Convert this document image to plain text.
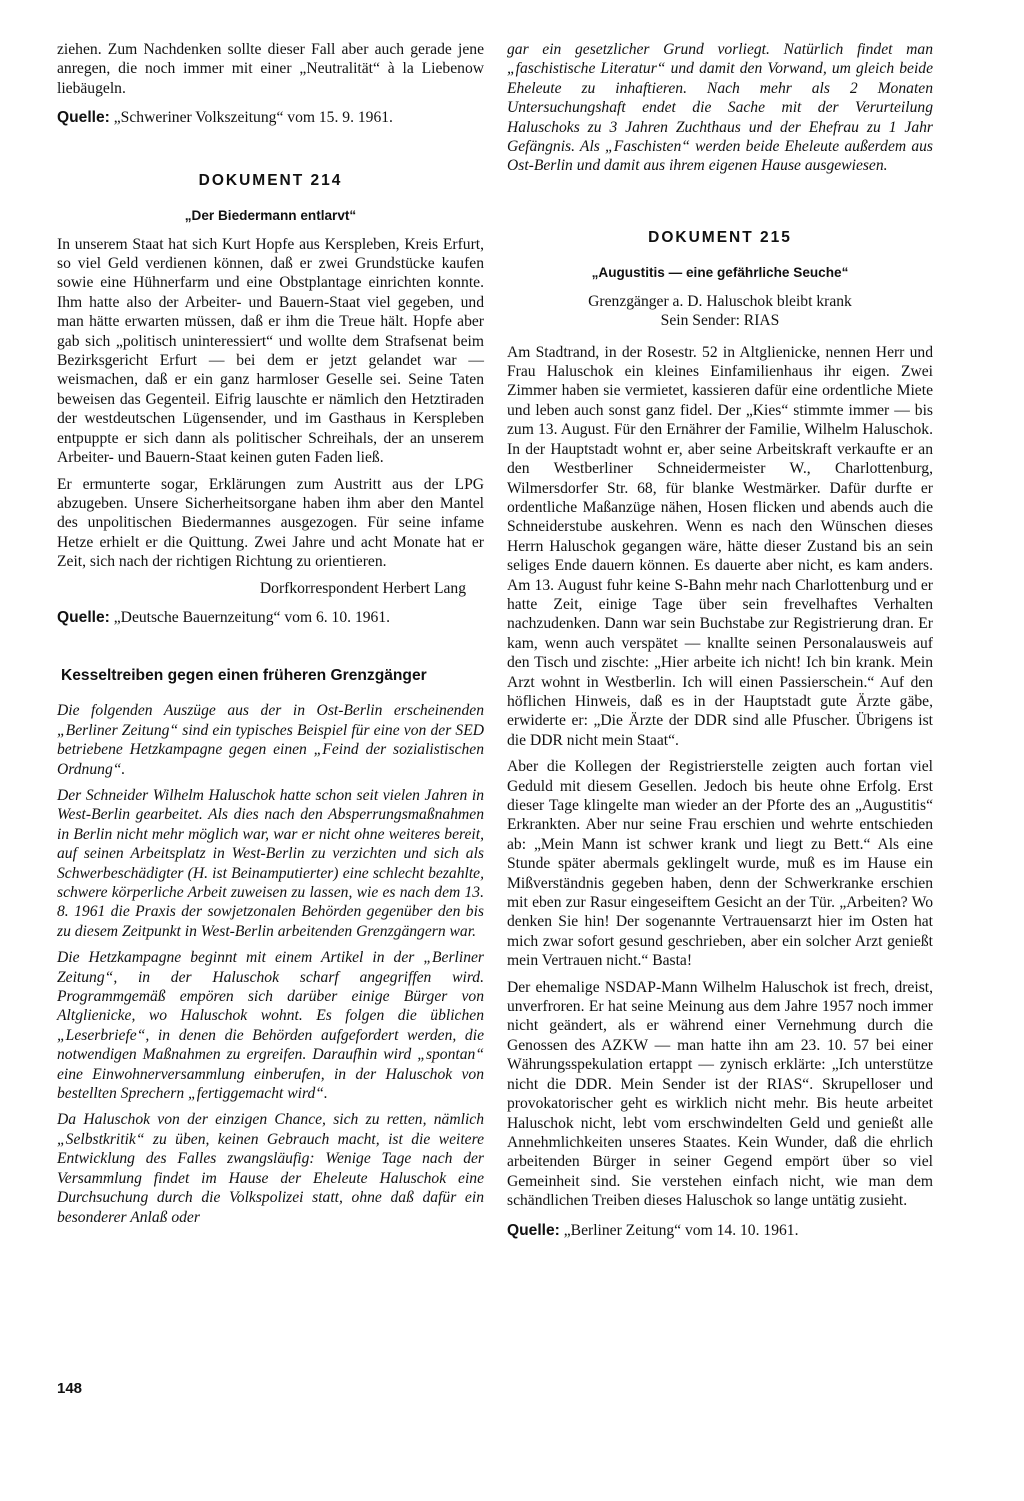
ziehen. Zum Nachdenken sollte dieser Fall aber auch gerade jene anregen, die noch immer mit einer „Neutralität“ à la Liebenow liebäugeln.

Quelle: „Schweriner Volkszeitung“ vom 15. 9. 1961.

DOKUMENT 214
„Der Biedermann entlarvt“

In unserem Staat hat sich Kurt Hopfe aus Kerspleben, Kreis Erfurt, so viel Geld verdienen können, daß er zwei Grundstücke kaufen sowie eine Hühnerfarm und eine Obstplantage einrichten konnte. Ihm hatte also der Arbeiter- und Bauern-Staat viel gegeben, und man hätte erwarten müssen, daß er ihm die Treue hält. Hopfe aber gab sich „politisch uninteressiert“ und wollte dem Strafsenat beim Bezirksgericht Erfurt — bei dem er jetzt gelandet war — weismachen, daß er ein ganz harmloser Geselle sei. Seine Taten beweisen das Gegenteil. Eifrig lauschte er nämlich den Hetztiraden der westdeutschen Lügensender, und im Gasthaus in Kerspleben entpuppte er sich dann als politischer Schreihals, der an unserem Arbeiter- und Bauern-Staat keinen guten Faden ließ.

Er ermunterte sogar, Erklärungen zum Austritt aus der LPG abzugeben. Unsere Sicherheitsorgane haben ihm aber den Mantel des unpolitischen Biedermannes ausgezogen. Für seine infame Hetze erhielt er die Quittung. Zwei Jahre und acht Monate hat er Zeit, sich nach der richtigen Richtung zu orientieren.

Dorfkorrespondent Herbert Lang

Quelle: „Deutsche Bauernzeitung“ vom 6. 10. 1961.

Kesseltreiben gegen einen früheren Grenzgänger

Die folgenden Auszüge aus der in Ost-Berlin erscheinenden „Berliner Zeitung“ sind ein typisches Beispiel für eine von der SED betriebene Hetzkampagne gegen einen „Feind der sozialistischen Ordnung“.

Der Schneider Wilhelm Haluschok hatte schon seit vielen Jahren in West-Berlin gearbeitet. Als dies nach den Absperrungsmaßnahmen in Berlin nicht mehr möglich war, war er nicht ohne weiteres bereit, auf seinen Arbeitsplatz in West-Berlin zu verzichten und sich als Schwerbeschädigter (H. ist Beinamputierter) eine schlecht bezahlte, schwere körperliche Arbeit zuweisen zu lassen, wie es nach dem 13. 8. 1961 die Praxis der sowjetzonalen Behörden gegenüber den bis zu diesem Zeitpunkt in West-Berlin arbeitenden Grenzgängern war.

Die Hetzkampagne beginnt mit einem Artikel in der „Berliner Zeitung“, in der Haluschok scharf angegriffen wird. Programmgemäß empören sich darüber einige Bürger von Altglienicke, wo Haluschok wohnt. Es folgen die üblichen „Leserbriefe“, in denen die Behörden aufgefordert werden, die notwendigen Maßnahmen zu ergreifen. Daraufhin wird „spontan“ eine Einwohnerversammlung einberufen, in der Haluschok von bestellten Sprechern „fertiggemacht wird“.

Da Haluschok von der einzigen Chance, sich zu retten, nämlich „Selbstkritik“ zu üben, keinen Gebrauch macht, ist die weitere Entwicklung des Falles zwangsläufig: Wenige Tage nach der Versammlung findet im Hause der Eheleute Haluschok eine Durchsuchung durch die Volkspolizei statt, ohne daß dafür ein besonderer Anlaß oder

gar ein gesetzlicher Grund vorliegt. Natürlich findet man „faschistische Literatur“ und damit den Vorwand, um gleich beide Eheleute zu inhaftieren. Nach mehr als 2 Monaten Untersuchungshaft endet die Sache mit der Verurteilung Haluschoks zu 3 Jahren Zuchthaus und der Ehefrau zu 1 Jahr Gefängnis. Als „Faschisten“ werden beide Eheleute außerdem aus Ost-Berlin und damit aus ihrem eigenen Hause ausgewiesen.

DOKUMENT 215
„Augustitis — eine gefährliche Seuche“
Grenzgänger a. D. Haluschok bleibt krank
Sein Sender: RIAS

Am Stadtrand, in der Rosestr. 52 in Altglienicke, nennen Herr und Frau Haluschok ein kleines Einfamilienhaus ihr eigen. Zwei Zimmer haben sie vermietet, kassieren dafür eine ordentliche Miete und leben auch sonst ganz fidel. Der „Kies“ stimmte immer — bis zum 13. August. Für den Ernährer der Familie, Wilhelm Haluschok. In der Hauptstadt wohnt er, aber seine Arbeitskraft verkaufte er an den Westberliner Schneidermeister W., Charlottenburg, Wilmersdorfer Str. 68, für blanke Westmärker. Dafür durfte er ordentliche Maßanzüge nähen, Hosen flicken und abends auch die Schneiderstube auskehren. Wenn es nach den Wünschen dieses Herrn Haluschok gegangen wäre, hätte dieser Zustand bis an sein seliges Ende dauern können. Es dauerte aber nicht, es kam anders. Am 13. August fuhr keine S-Bahn mehr nach Charlottenburg und er hatte Zeit, einige Tage über sein frevelhaftes Verhalten nachzudenken. Dann war sein Buchstabe zur Registrierung dran. Er kam, wenn auch verspätet — knallte seinen Personalausweis auf den Tisch und zischte: „Hier arbeite ich nicht! Ich bin krank. Mein Arzt wohnt in Westberlin. Ich will einen Passierschein.“ Auf den höflichen Hinweis, daß es in der Hauptstadt gute Ärzte gäbe, erwiderte er: „Die Ärzte der DDR sind alle Pfuscher. Übrigens ist die DDR nicht mein Staat“.

Aber die Kollegen der Registrierstelle zeigten auch fortan viel Geduld mit diesem Gesellen. Jedoch bis heute ohne Erfolg. Erst dieser Tage klingelte man wieder an der Pforte des an „Augustitis“ Erkrankten. Aber nur seine Frau erschien und wehrte entschieden ab: „Mein Mann ist schwer krank und liegt zu Bett.“ Als eine Stunde später abermals geklingelt wurde, muß es im Hause ein Mißverständnis gegeben haben, denn der Schwerkranke erschien mit eben zur Rasur eingeseiftem Gesicht an der Tür. „Arbeiten? Wo denken Sie hin! Der sogenannte Vertrauensarzt hier im Osten hat mich zwar sofort gesund geschrieben, aber ein solcher Arzt genießt mein Vertrauen nicht.“ Basta!

Der ehemalige NSDAP-Mann Wilhelm Haluschok ist frech, dreist, unverfroren. Er hat seine Meinung aus dem Jahre 1957 noch immer nicht geändert, als er während einer Vernehmung durch die Genossen des AZKW — man hatte ihn am 23. 10. 57 bei einer Währungsspekulation ertappt — zynisch erklärte: „Ich unterstütze nicht die DDR. Mein Sender ist der RIAS“. Skrupelloser und provokatorischer geht es wirklich nicht mehr. Bis heute arbeitet Haluschok nicht, lebt vom erschwindelten Geld und genießt alle Annehmlichkeiten unseres Staates. Kein Wunder, daß die ehrlich arbeitenden Bürger in seiner Gegend empört über so viel Gemeinheit sind. Sie verstehen einfach nicht, wie man dem schändlichen Treiben dieses Haluschok so lange untätig zusieht.

Quelle: „Berliner Zeitung“ vom 14. 10. 1961.

148
